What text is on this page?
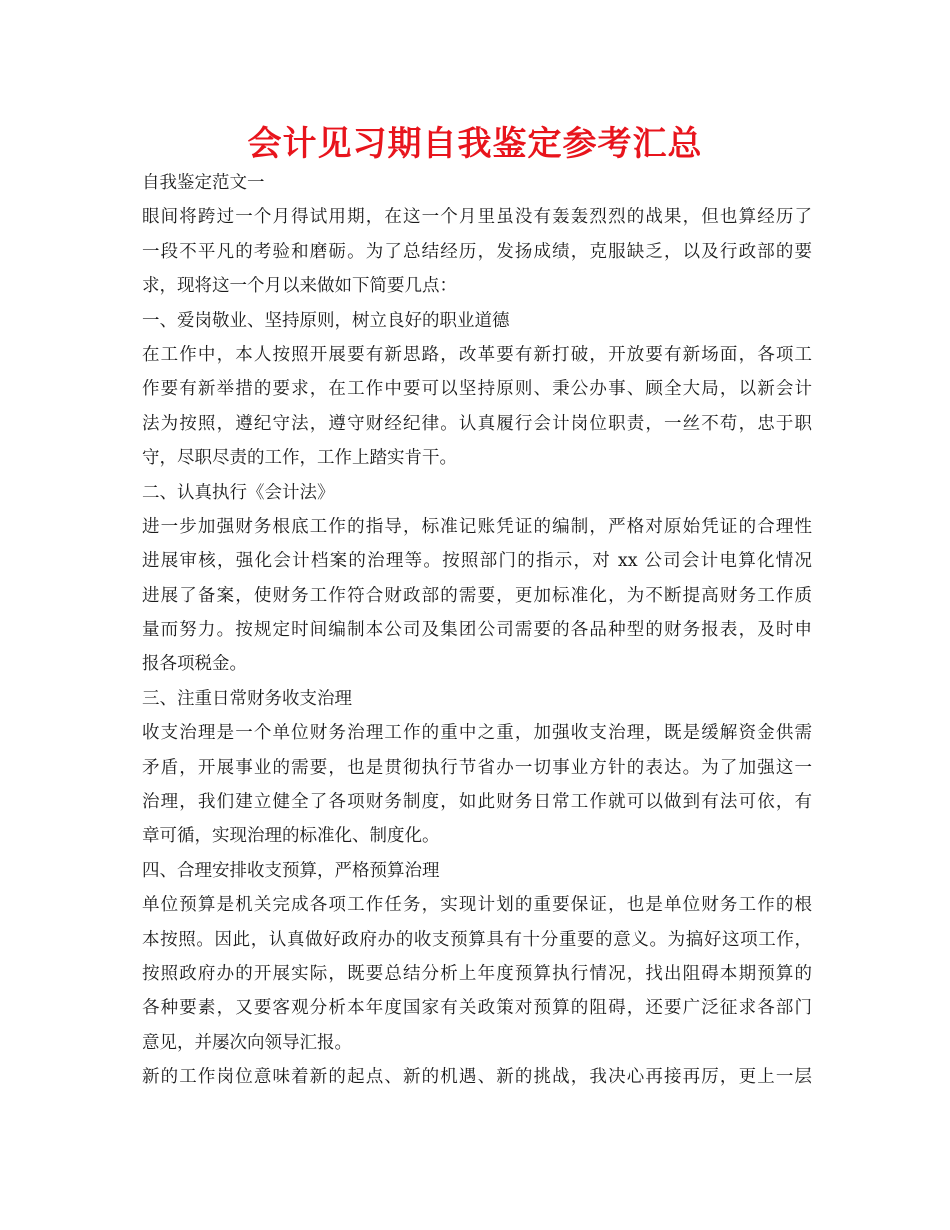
会计见习期自我鉴定参考汇总
自我鉴定范文一
眼间将跨过一个月得试用期，在这一个月里虽没有轰轰烈烈的战果，但也算经历了
一段不平凡的考验和磨砺。为了总结经历，发扬成绩，克服缺乏，以及行政部的要
求，现将这一个月以来做如下简要几点：
一、爱岗敬业、坚持原则，树立良好的职业道德
在工作中，本人按照开展要有新思路，改革要有新打破，开放要有新场面，各项工
作要有新举措的要求，在工作中要可以坚持原则、秉公办事、顾全大局，以新会计
法为按照，遵纪守法，遵守财经纪律。认真履行会计岗位职责，一丝不苟，忠于职
守，尽职尽责的工作，工作上踏实肯干。
二、认真执行《会计法》
进一步加强财务根底工作的指导，标准记账凭证的编制，严格对原始凭证的合理性
进展审核，强化会计档案的治理等。按照部门的指示，对 xx 公司会计电算化情况
进展了备案，使财务工作符合财政部的需要，更加标准化，为不断提高财务工作质
量而努力。按规定时间编制本公司及集团公司需要的各品种型的财务报表，及时申
报各项税金。
三、注重日常财务收支治理
收支治理是一个单位财务治理工作的重中之重，加强收支治理，既是缓解资金供需
矛盾，开展事业的需要，也是贯彻执行节省办一切事业方针的表达。为了加强这一
治理，我们建立健全了各项财务制度，如此财务日常工作就可以做到有法可依，有
章可循，实现治理的标准化、制度化。
四、合理安排收支预算，严格预算治理
单位预算是机关完成各项工作任务，实现计划的重要保证，也是单位财务工作的根
本按照。因此，认真做好政府办的收支预算具有十分重要的意义。为搞好这项工作，
按照政府办的开展实际，既要总结分析上年度预算执行情况，找出阻碍本期预算的
各种要素，又要客观分析本年度国家有关政策对预算的阻碍，还要广泛征求各部门
意见，并屡次向领导汇报。
新的工作岗位意味着新的起点、新的机遇、新的挑战，我决心再接再厉，更上一层
